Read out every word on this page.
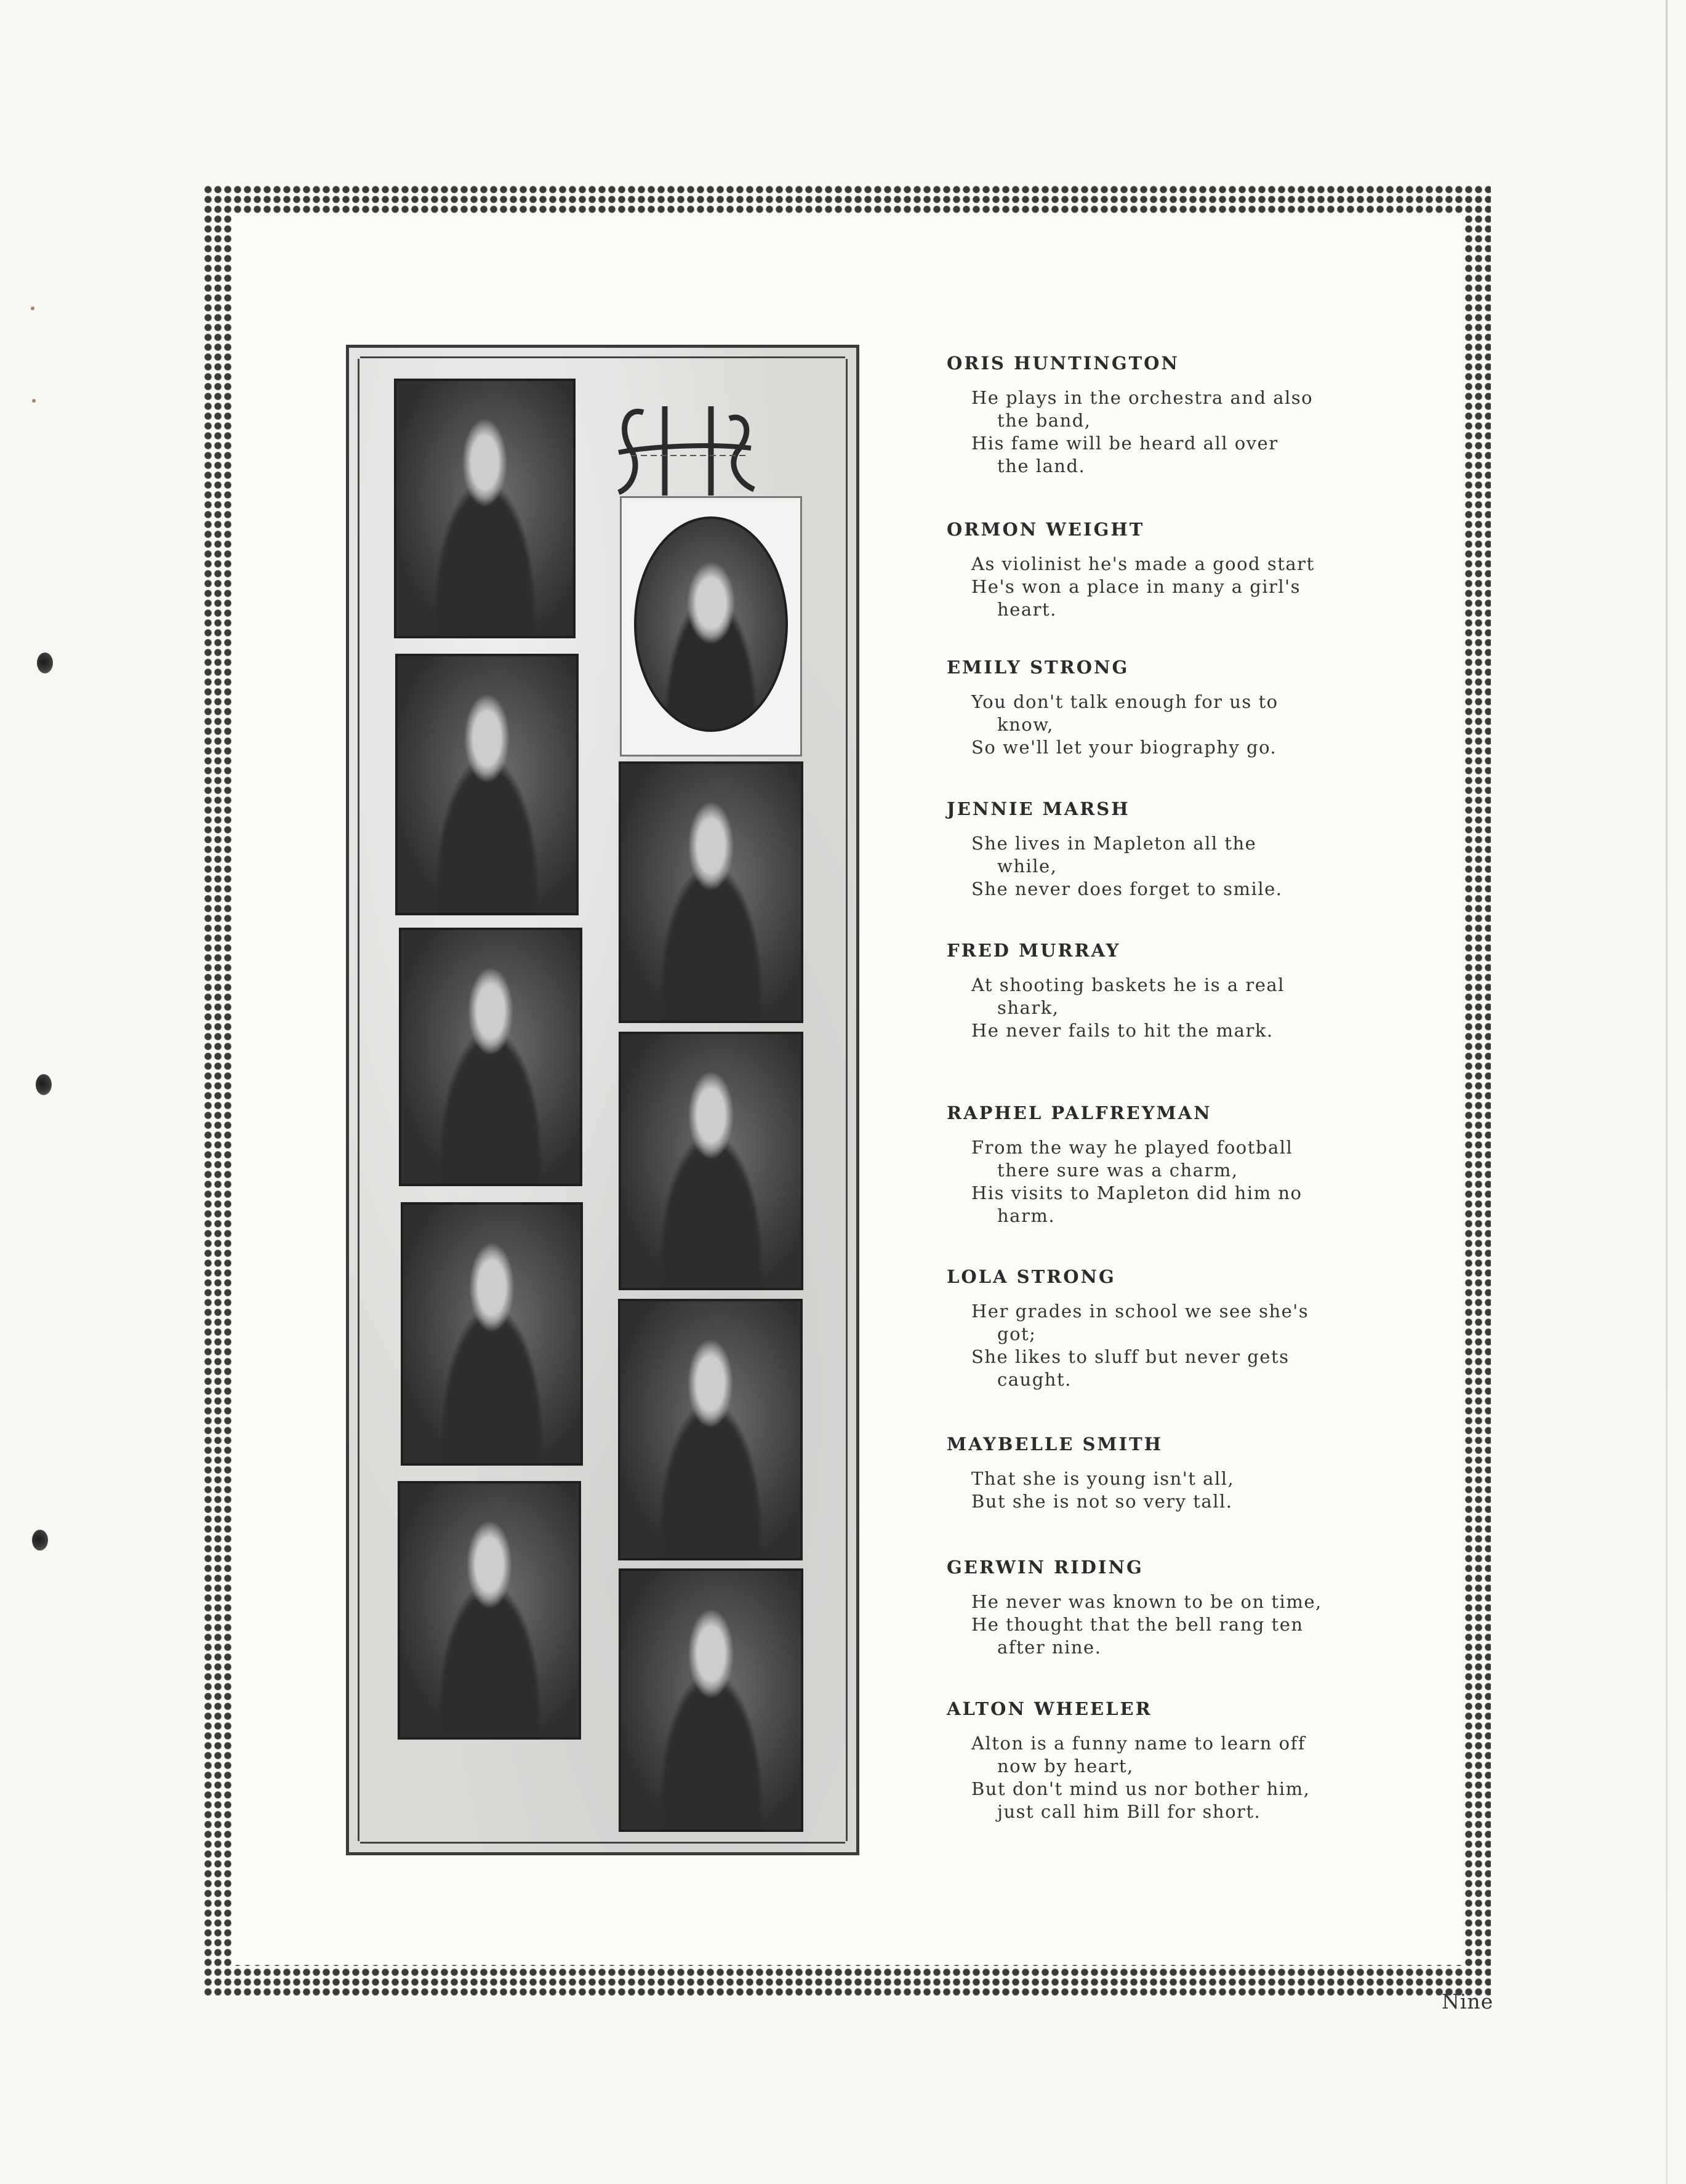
ORIS HUNTINGTON

He plays in the orchestra and also
the band,
His fame will be heard all over
the land.

ORMON WEIGHT

As violinist he's made a good start
He's won a place in many a girl's
heart.

EMILY STRONG

You don't talk enough for us to
know,
So we'll let your biography go.

JENNIE MARSH

She lives in Mapleton all the
while,
She never does forget to smile.

FRED MURRAY

At shooting baskets he is a real
shark,
He never fails to hit the mark.

RAPHEL PALFREYMAN

From the way he played football
there sure was a charm,
His visits to Mapleton did him no
harm.

LOLA STRONG

Her grades in school we see she's
got;
She likes to sluff but never gets
caught.

MAYBELLE SMITH

That she is young isn't all,
But she is not so very tall.

GERWIN RIDING

He never was known to be on time,
He thought that the bell rang ten
after nine.

ALTON WHEELER

Alton is a funny name to learn off
now by heart,
But don't mind us nor bother him,
just call him Bill for short.
Nine
